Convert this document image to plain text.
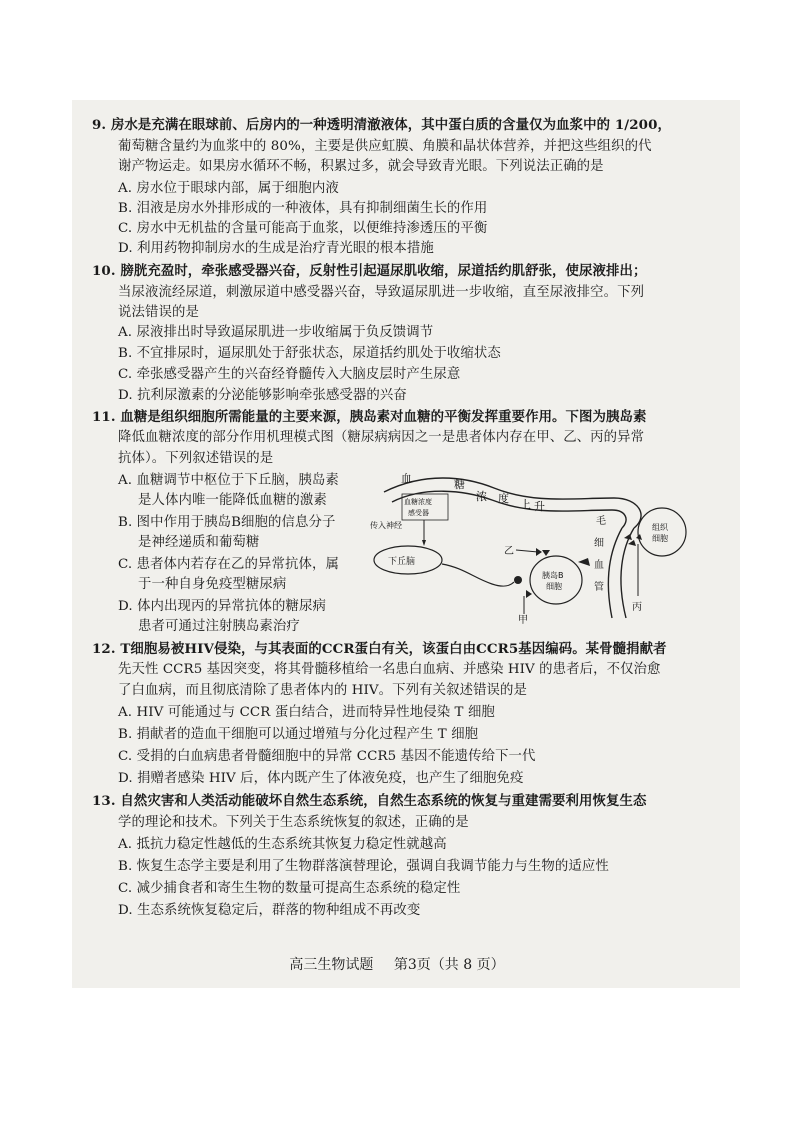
9. 房水是充满在眼球前、后房内的一种透明清澈液体，其中蛋白质的含量仅为血浆中的 1/200，
葡萄糖含量约为血浆中的 80%，主要是供应虹膜、角膜和晶状体营养，并把这些组织的代
谢产物运走。如果房水循环不畅，积累过多，就会导致青光眼。下列说法正确的是
A. 房水位于眼球内部，属于细胞内液
B. 泪液是房水外排形成的一种液体，具有抑制细菌生长的作用
C. 房水中无机盐的含量可能高于血浆，以便维持渗透压的平衡
D. 利用药物抑制房水的生成是治疗青光眼的根本措施
10. 膀胱充盈时，牵张感受器兴奋，反射性引起逼尿肌收缩，尿道括约肌舒张，使尿液排出；
当尿液流经尿道，刺激尿道中感受器兴奋，导致逼尿肌进一步收缩，直至尿液排空。下列
说法错误的是
A. 尿液排出时导致逼尿肌进一步收缩属于负反馈调节
B. 不宜排尿时，逼尿肌处于舒张状态，尿道括约肌处于收缩状态
C. 牵张感受器产生的兴奋经脊髓传入大脑皮层时产生尿意
D. 抗利尿激素的分泌能够影响牵张感受器的兴奋
11. 血糖是组织细胞所需能量的主要来源，胰岛素对血糖的平衡发挥重要作用。下图为胰岛素
降低血糖浓度的部分作用机理模式图（糖尿病病因之一是患者体内存在甲、乙、丙的异常
抗体）。下列叙述错误的是
A. 血糖调节中枢位于下丘脑，胰岛素
是人体内唯一能降低血糖的激素
B. 图中作用于胰岛B细胞的信息分子
是神经递质和葡萄糖
C. 患者体内若存在乙的异常抗体，属
于一种自身免疫型糖尿病
D. 体内出现丙的异常抗体的糖尿病
患者可通过注射胰岛素治疗
血	糖
浓 度 上 升
血糖浓度
感受器
传入神经
下丘脑
胰岛B
细胞
乙
甲
毛
细
血
管
组织
细胞
丙
12. T细胞易被HIV侵染，与其表面的CCR蛋白有关，该蛋白由CCR5基因编码。某骨髓捐献者
先天性 CCR5 基因突变，将其骨髓移植给一名患白血病、并感染 HIV 的患者后，不仅治愈
了白血病，而且彻底清除了患者体内的 HIV。下列有关叙述错误的是
A. HIV 可能通过与 CCR 蛋白结合，进而特异性地侵染 T 细胞
B. 捐献者的造血干细胞可以通过增殖与分化过程产生 T 细胞
C. 受捐的白血病患者骨髓细胞中的异常 CCR5 基因不能遗传给下一代
D. 捐赠者感染 HIV 后，体内既产生了体液免疫，也产生了细胞免疫
13. 自然灾害和人类活动能破坏自然生态系统，自然生态系统的恢复与重建需要利用恢复生态
学的理论和技术。下列关于生态系统恢复的叙述，正确的是
A. 抵抗力稳定性越低的生态系统其恢复力稳定性就越高
B. 恢复生态学主要是利用了生物群落演替理论，强调自我调节能力与生物的适应性
C. 减少捕食者和寄生生物的数量可提高生态系统的稳定性
D. 生态系统恢复稳定后，群落的物种组成不再改变
高三生物试题 第3页（共 8 页）
